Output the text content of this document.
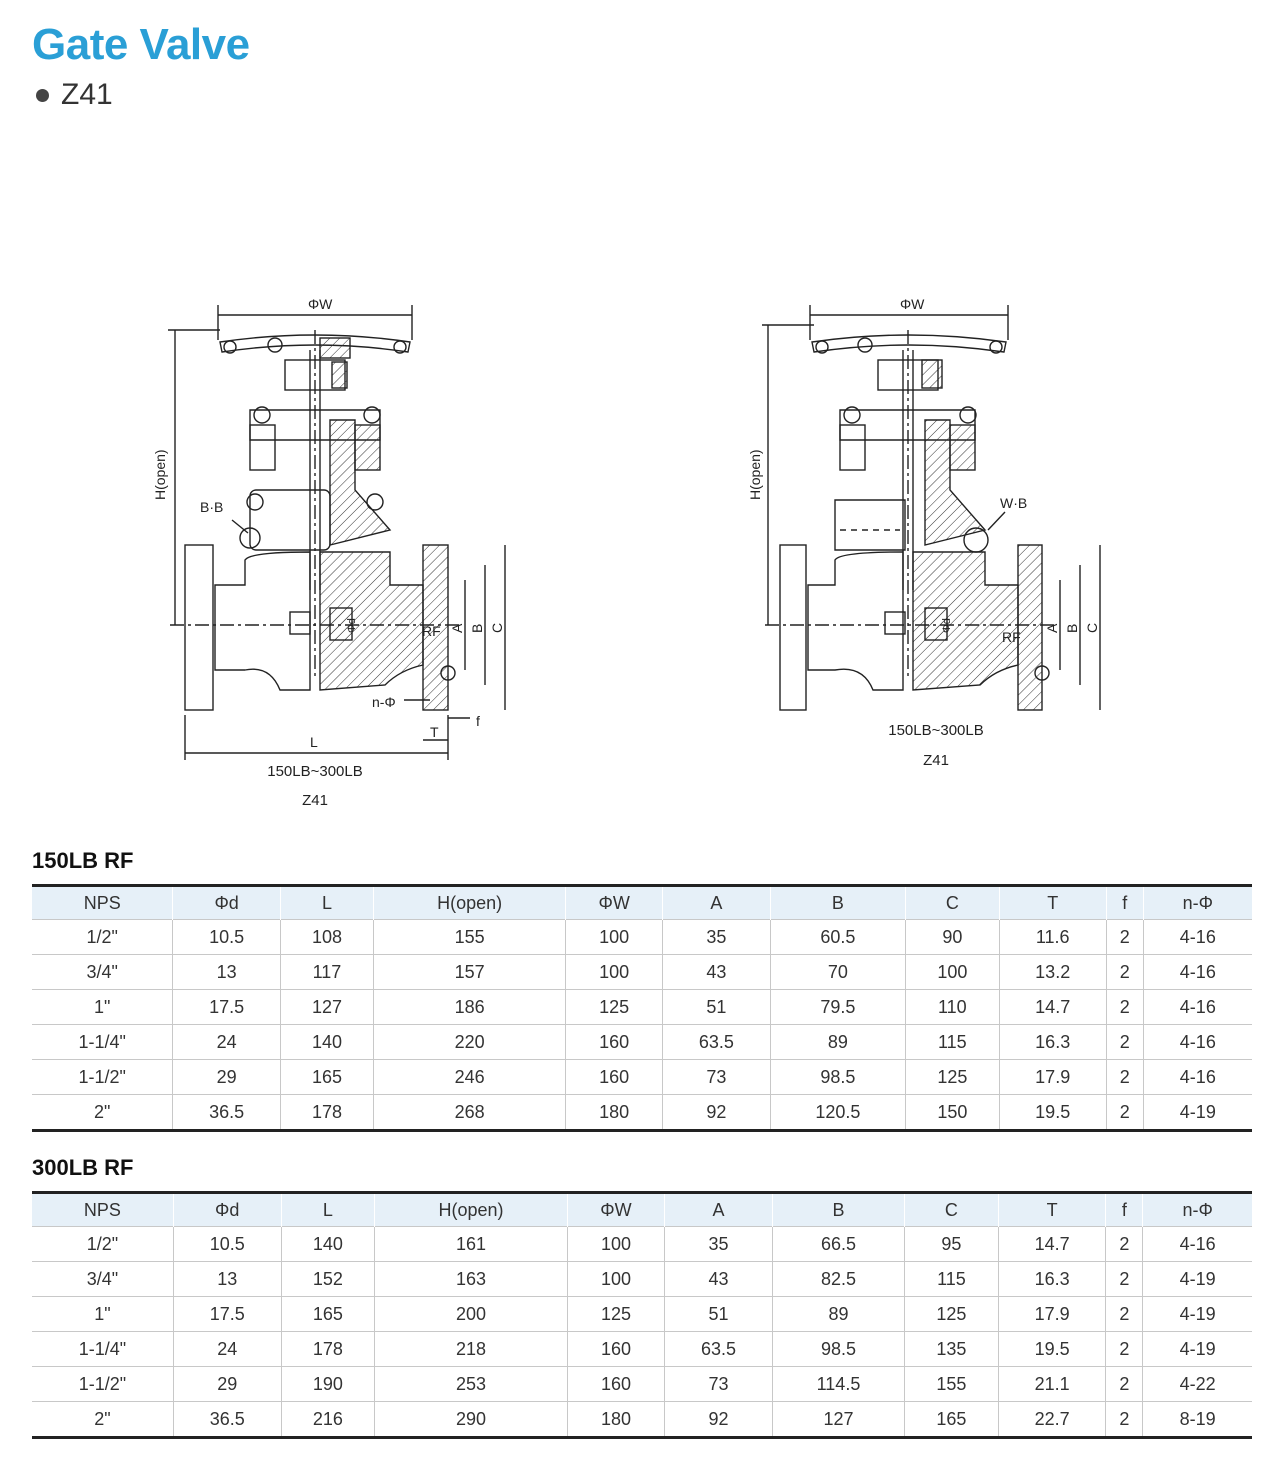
Gate Valve
Z41
ΦW
B·B
Φd	RF
n-Φ
H(open)
A B C
L
T
f
150LB~300LB
Z41
ΦW
W·B
Φd
RF
H(open)
A B C
150LB~300LB
Z41
150LB RF
NPS	Φd	L	H(open)	ΦW	A	B	C	T	f	n-Φ
1/2"	10.5	108	155	100	35	60.5	90	11.6	2	4-16
3/4"	13	117	157	100	43	70	100	13.2	2	4-16
1"	17.5	127	186	125	51	79.5	110	14.7	2	4-16
1-1/4"	24	140	220	160	63.5	89	115	16.3	2	4-16
1-1/2"	29	165	246	160	73	98.5	125	17.9	2	4-16
2"	36.5	178	268	180	92	120.5	150	19.5	2	4-19
300LB RF
NPS	Φd	L	H(open)	ΦW	A	B	C	T	f	n-Φ
1/2"	10.5	140	161	100	35	66.5	95	14.7	2	4-16
3/4"	13	152	163	100	43	82.5	115	16.3	2	4-19
1"	17.5	165	200	125	51	89	125	17.9	2	4-19
1-1/4"	24	178	218	160	63.5	98.5	135	19.5	2	4-19
1-1/2"	29	190	253	160	73	114.5	155	21.1	2	4-22
2"	36.5	216	290	180	92	127	165	22.7	2	8-19
